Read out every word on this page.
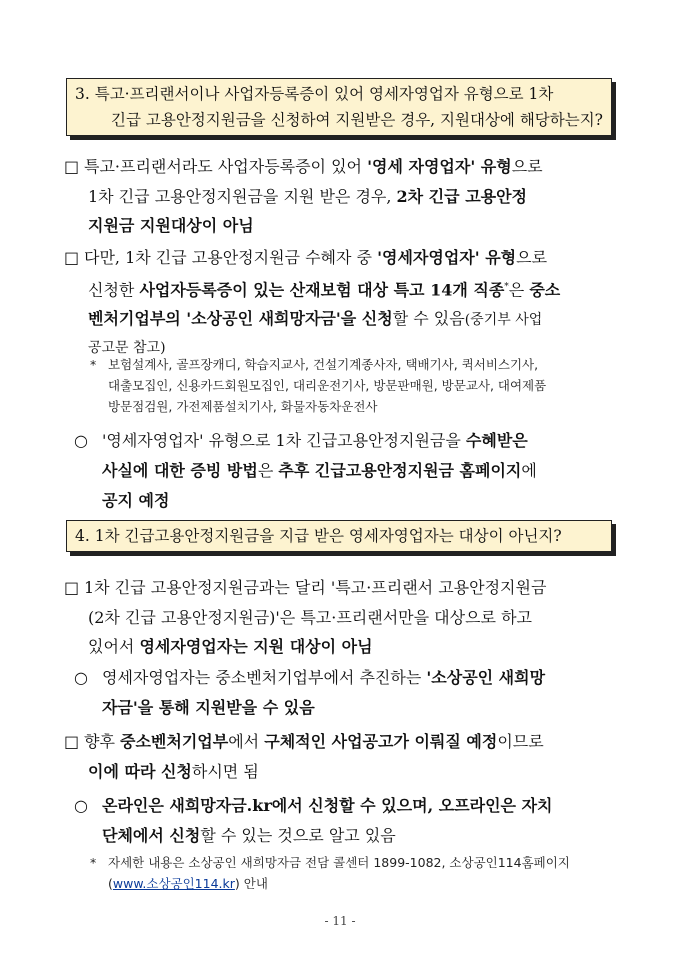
3. 특고·프리랜서이나 사업자등록증이 있어 영세자영업자 유형으로 1차
긴급 고용안정지원금을 신청하여 지원받은 경우, 지원대상에 해당하는지?
□ 특고·프리랜서라도 사업자등록증이 있어 '영세 자영업자' 유형으로
1차 긴급 고용안정지원금을 지원 받은 경우, 2차 긴급 고용안정
지원금 지원대상이 아님
□ 다만, 1차 긴급 고용안정지원금 수혜자 중 '영세자영업자' 유형으로
신청한 사업자등록증이 있는 산재보험 대상 특고 14개 직종*은 중소
벤처기업부의 '소상공인 새희망자금'을 신청할 수 있음(중기부 사업
공고문 참고)
* 보험설계사, 골프장캐디, 학습지교사, 건설기계종사자, 택배기사, 퀵서비스기사,
대출모집인, 신용카드회원모집인, 대리운전기사, 방문판매원, 방문교사, 대여제품
방문점검원, 가전제품설치기사, 화물자동차운전사
○ '영세자영업자' 유형으로 1차 긴급고용안정지원금을 수혜받은
사실에 대한 증빙 방법은 추후 긴급고용안정지원금 홈페이지에
공지 예정
4. 1차 긴급고용안정지원금을 지급 받은 영세자영업자는 대상이 아닌지?
□ 1차 긴급 고용안정지원금과는 달리 '특고·프리랜서 고용안정지원금
(2차 긴급 고용안정지원금)'은 특고·프리랜서만을 대상으로 하고
있어서 영세자영업자는 지원 대상이 아님
○ 영세자영업자는 중소벤처기업부에서 추진하는 '소상공인 새희망
자금'을 통해 지원받을 수 있음
□ 향후 중소벤처기업부에서 구체적인 사업공고가 이뤄질 예정이므로
이에 따라 신청하시면 됨
○ 온라인은 새희망자금.kr에서 신청할 수 있으며, 오프라인은 자치
단체에서 신청할 수 있는 것으로 알고 있음
* 자세한 내용은 소상공인 새희망자금 전담 콜센터 1899-1082, 소상공인114홈페이지
(www.소상공인114.kr) 안내
- 11 -
